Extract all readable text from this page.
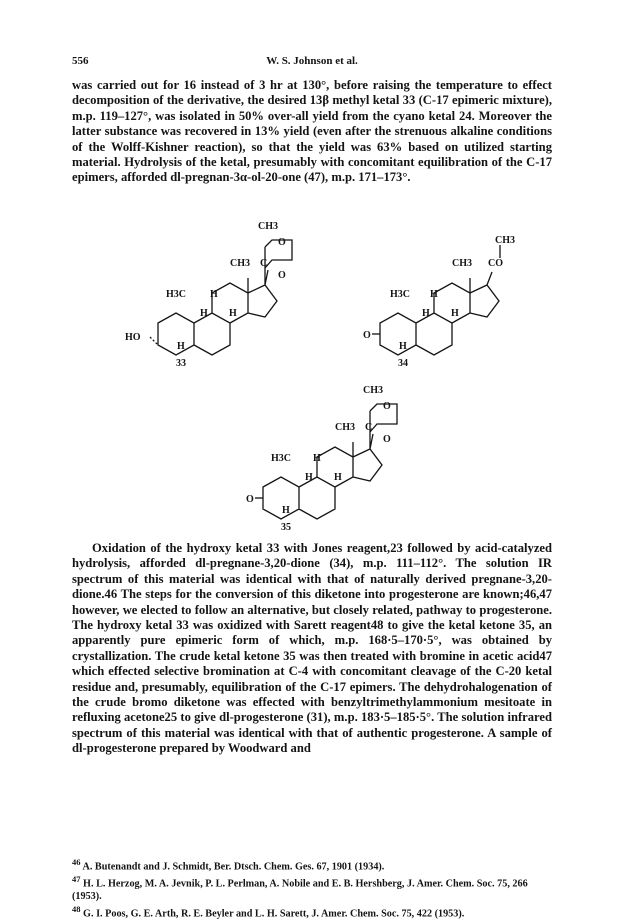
556	W. S. Johnson et al.

was carried out for 16 instead of 3 hr at 130°, before raising the temperature to effect decomposition of the derivative, the desired 13β methyl ketal 33 (C-17 epimeric mixture), m.p. 119–127°, was isolated in 50% over-all yield from the cyano ketal 24. Moreover the latter substance was recovered in 13% yield (even after the strenuous alkaline conditions of the Wolff-Kishner reaction), so that the yield was 63% based on utilized starting material. Hydrolysis of the ketal, presumably with concomitant equilibration of the C-17 epimers, afforded dl-pregnan-3α-ol-20-one (47), m.p. 171–173°.

CH3
CH3 C
O
O
H3C H
H H
H
HO
33
CH3
CH3 CO
H3C H
H H
H
O
34
CH3
CH3 C
O
O
H3C H
H H
H
O
35

Oxidation of the hydroxy ketal 33 with Jones reagent,23 followed by acid-catalyzed hydrolysis, afforded dl-pregnane-3,20-dione (34), m.p. 111–112°. The solution IR spectrum of this material was identical with that of naturally derived pregnane-3,20-dione.46 The steps for the conversion of this diketone into progesterone are known;46,47 however, we elected to follow an alternative, but closely related, pathway to progesterone. The hydroxy ketal 33 was oxidized with Sarett reagent48 to give the ketal ketone 35, an apparently pure epimeric form of which, m.p. 168·5–170·5°, was obtained by crystallization. The crude ketal ketone 35 was then treated with bromine in acetic acid47 which effected selective bromination at C-4 with concomitant cleavage of the C-20 ketal residue and, presumably, equilibration of the C-17 epimers. The dehydrohalogenation of the crude bromo diketone was effected with benzyltrimethylammonium mesitoate in refluxing acetone25 to give dl-progesterone (31), m.p. 183·5–185·5°. The solution infrared spectrum of this material was identical with that of authentic progesterone. A sample of dl-progesterone prepared by Woodward and

$^{46}$ A. Butenandt and J. Schmidt, Ber. Dtsch. Chem. Ges. 67, 1901 (1934).

$^{47}$ H. L. Herzog, M. A. Jevnik, P. L. Perlman, A. Nobile and E. B. Hershberg, J. Amer. Chem. Soc. 75, 266 (1953).

$^{48}$ G. I. Poos, G. E. Arth, R. E. Beyler and L. H. Sarett, J. Amer. Chem. Soc. 75, 422 (1953).
